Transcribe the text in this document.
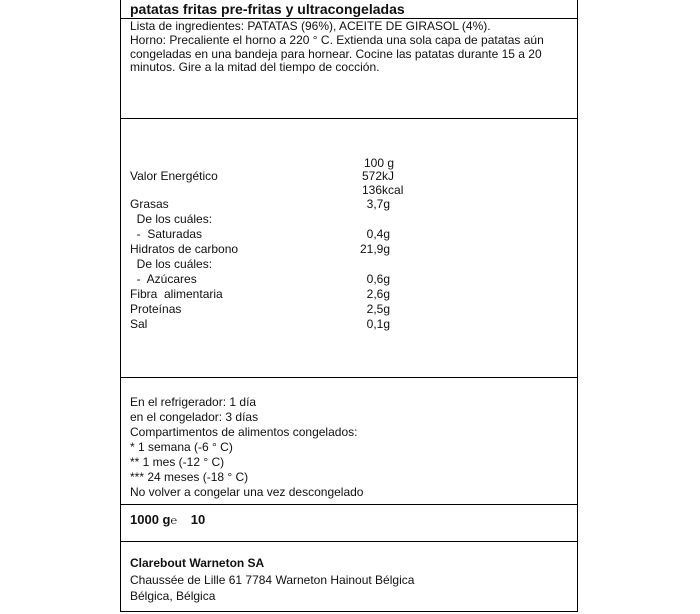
patatas fritas pre-fritas y ultracongeladas
Lista de ingredientes: PATATAS (96%), ACEITE DE GIRASOL (4%).
Horno: Precaliente el horno a 220 ° C. Extienda una sola capa de patatas aún congeladas en una bandeja para hornear. Cocine las patatas durante 15 a 20 minutos. Gire a la mitad del tiempo de cocción.
100 g
Valor Energético	572kJ
136kcal
Grasas	3,7g
De los cuáles:
-  Saturadas	0,4g
Hidratos de carbono	21,9g
De los cuáles:
-  Azúcares	0,6g
Fibra  alimentaria	2,6g
Proteínas	2,5g
Sal	0,1g
En el refrigerador: 1 día
en el congelador: 3 días
Compartimentos de alimentos congelados:
* 1 semana (-6 ° C)
** 1 mes (-12 ° C)
*** 24 meses (-18 ° C)
No volver a congelar una vez descongelado
1000 g℮ 10
Clarebout Warneton SA
Chaussée de Lille 61 7784 Warneton Hainout Bélgica
Bélgica, Bélgica
